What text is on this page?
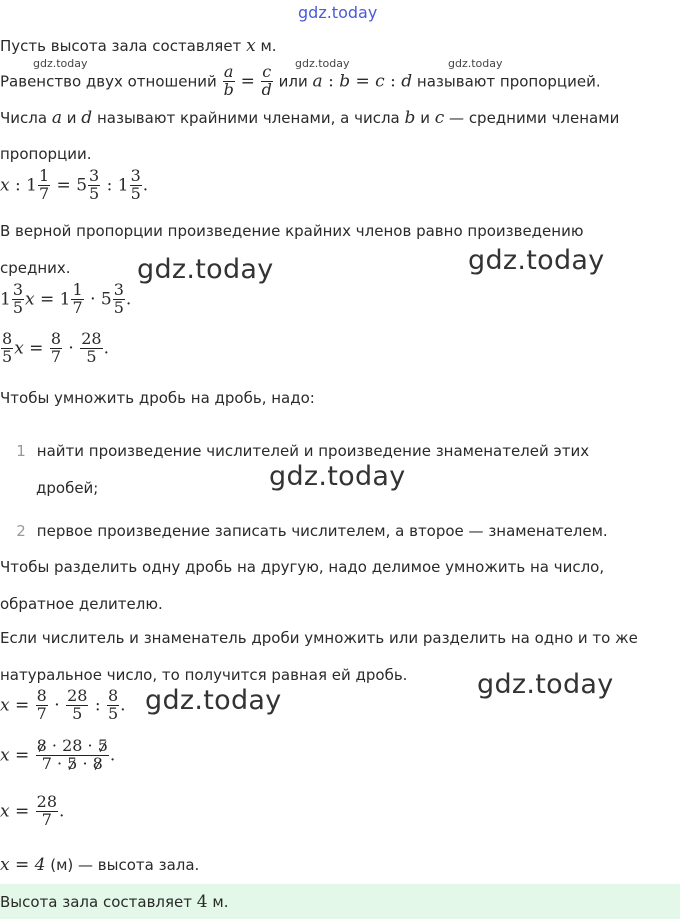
gdz.today
gdz.today	gdz.today	gdz.today
gdz.today	gdz.today
gdz.today
gdz.today
gdz.today
Пусть высота зала составляет x м.
Равенство двух отношений $\frac{a}{b} = \frac{c}{d}$ или a : b = c : d называют пропорцией.
Числа a и d называют крайними членами, а числа b и c — средними членами
пропорции.
x : $1 \frac{1}{7} = 5 \frac{3}{5}$ : $1 \frac{3}{5}$ .
В верной пропорции произведение крайних членов равно произведению
средних.
$1 \frac{3}{5}$ $x = 1 \frac{1}{7} \cdot 5 \frac{3}{5}$ .
$\frac{8}{5}$ $x = \frac{8}{7} \cdot \frac{28}{5}$ .
Чтобы умножить дробь на дробь, надо:
1 найти произведение числителей и произведение знаменателей этих
дробей;
2 первое произведение записать числителем, а второе — знаменателем.
Чтобы разделить одну дробь на другую, надо делимое умножить на число,
обратное делителю.
Если числитель и знаменатель дроби умножить или разделить на одно и то же
натуральное число, то получится равная ей дробь.
$x = \frac{8}{7} \cdot \frac{28}{5}$ : $\frac{8}{5}$ .
$x = \frac{8 \cdot 28 \cdot 5}{7 \cdot 5 \cdot 8}$ .
$x = \frac{28}{7}$ .
x = 4 (м) — высота зала.
Высота зала составляет 4 м.
